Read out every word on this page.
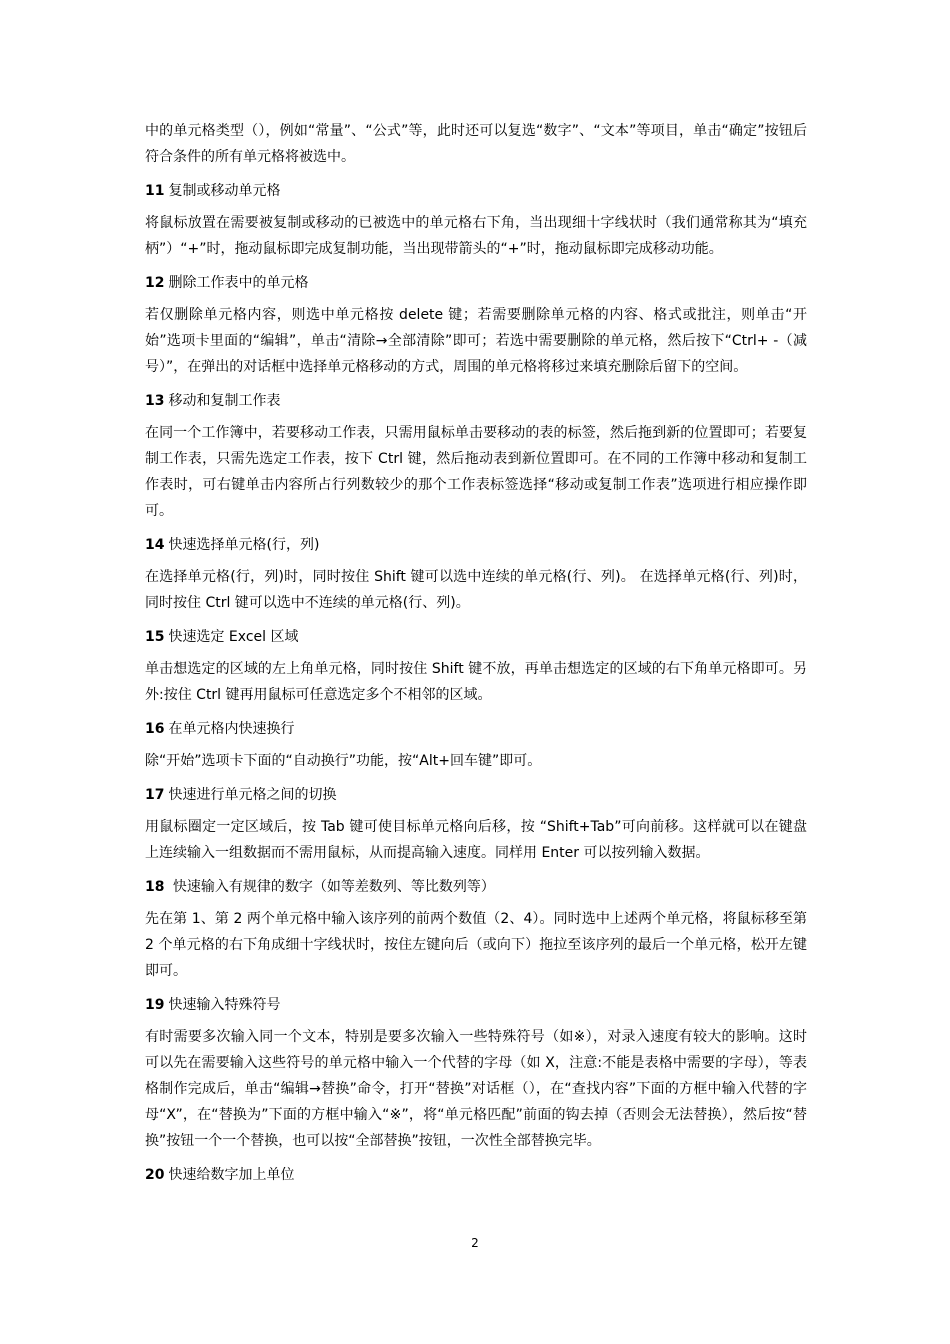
中的单元格类型（），例如“常量”、“公式”等，此时还可以复选“数字”、“文本”等项目，单击“确定”按钮后符合条件的所有单元格将被选中。

11 复制或移动单元格

将鼠标放置在需要被复制或移动的已被选中的单元格右下角，当出现细十字线状时（我们通常称其为“填充柄”）“+”时，拖动鼠标即完成复制功能，当出现带箭头的“+”时，拖动鼠标即完成移动功能。

12 删除工作表中的单元格

若仅删除单元格内容，则选中单元格按 delete 键；若需要删除单元格的内容、格式或批注，则单击“开始”选项卡里面的“编辑”，单击“清除→全部清除”即可；若选中需要删除的单元格，然后按下“Ctrl+ -（减号）”，在弹出的对话框中选择单元格移动的方式，周围的单元格将移过来填充删除后留下的空间。

13 移动和复制工作表

在同一个工作簿中，若要移动工作表，只需用鼠标单击要移动的表的标签，然后拖到新的位置即可；若要复制工作表，只需先选定工作表，按下 Ctrl 键，然后拖动表到新位置即可。在不同的工作簿中移动和复制工作表时，可右键单击内容所占行列数较少的那个工作表标签选择“移动或复制工作表”选项进行相应操作即可。

14 快速选择单元格(行，列)

在选择单元格(行，列)时，同时按住 Shift 键可以选中连续的单元格(行、列)。 在选择单元格(行、列)时，同时按住 Ctrl 键可以选中不连续的单元格(行、列)。

15 快速选定 Excel 区域

单击想选定的区域的左上角单元格，同时按住 Shift 键不放，再单击想选定的区域的右下角单元格即可。另外:按住 Ctrl 键再用鼠标可任意选定多个不相邻的区域。

16 在单元格内快速换行

除“开始”选项卡下面的“自动换行”功能，按“Alt+回车键”即可。

17 快速进行单元格之间的切换

用鼠标圈定一定区域后，按 Tab 键可使目标单元格向后移，按 “Shift+Tab”可向前移。这样就可以在键盘上连续输入一组数据而不需用鼠标，从而提高输入速度。同样用 Enter 可以按列输入数据。

18 快速输入有规律的数字（如等差数列、等比数列等）

先在第 1、第 2 两个单元格中输入该序列的前两个数值（2、4）。同时选中上述两个单元格，将鼠标移至第 2 个单元格的右下角成细十字线状时，按住左键向后（或向下）拖拉至该序列的最后一个单元格，松开左键即可。

19 快速输入特殊符号

有时需要多次输入同一个文本，特别是要多次输入一些特殊符号（如※），对录入速度有较大的影响。这时可以先在需要输入这些符号的单元格中输入一个代替的字母（如 X，注意:不能是表格中需要的字母），等表格制作完成后，单击“编辑→替换”命令，打开“替换”对话框（），在“查找内容”下面的方框中输入代替的字母“X”，在“替换为”下面的方框中输入“※”，将“单元格匹配”前面的钩去掉（否则会无法替换），然后按“替换”按钮一个一个替换，也可以按“全部替换”按钮，一次性全部替换完毕。

20 快速给数字加上单位
2
